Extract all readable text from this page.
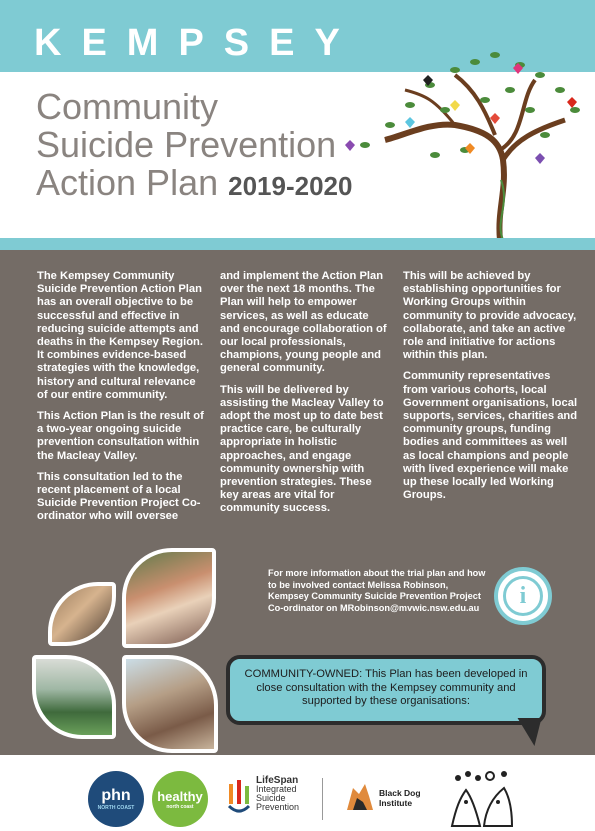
KEMPSEY
Community
Suicide Prevention
Action Plan 2019-2020

The Kempsey Community Suicide Prevention Action Plan has an overall objective to be successful and effective in reducing suicide attempts and deaths in the Kempsey Region. It combines evidence-based strategies with the knowledge, history and cultural relevance of our entire community.

This Action Plan is the result of a two-year ongoing suicide prevention consultation within the Macleay Valley.

This consultation led to the recent placement of a local Suicide Prevention Project Co-ordinator who will oversee

and implement the Action Plan over the next 18 months. The Plan will help to empower services, as well as educate and encourage collaboration of our local professionals, champions, young people and general community.

This will be delivered by assisting the Macleay Valley to adopt the most up to date best practice care, be culturally appropriate in holistic approaches, and engage community ownership with prevention strategies. These key areas are vital for community success.

This will be achieved by establishing opportunities for Working Groups within community to provide advocacy, collaborate, and take an active role and initiative for actions within this plan.

Community representatives from various cohorts, local Government organisations, local supports, services, charities and community groups, funding bodies and committees as well as local champions and people with lived experience will make up these locally led Working Groups.

For more information about the trial plan and how to be involved contact Melissa Robinson, Kempsey Community Suicide Prevention Project Co-ordinator on MRobinson@mvwic.nsw.edu.au	i
COMMUNITY-OWNED: This Plan has been developed in close consultation with the Kempsey community and supported by these organisations:
phn
NORTH COAST
healthy
north coast
LifeSpan
Integrated
Suicide
Prevention
Black Dog
Institute
